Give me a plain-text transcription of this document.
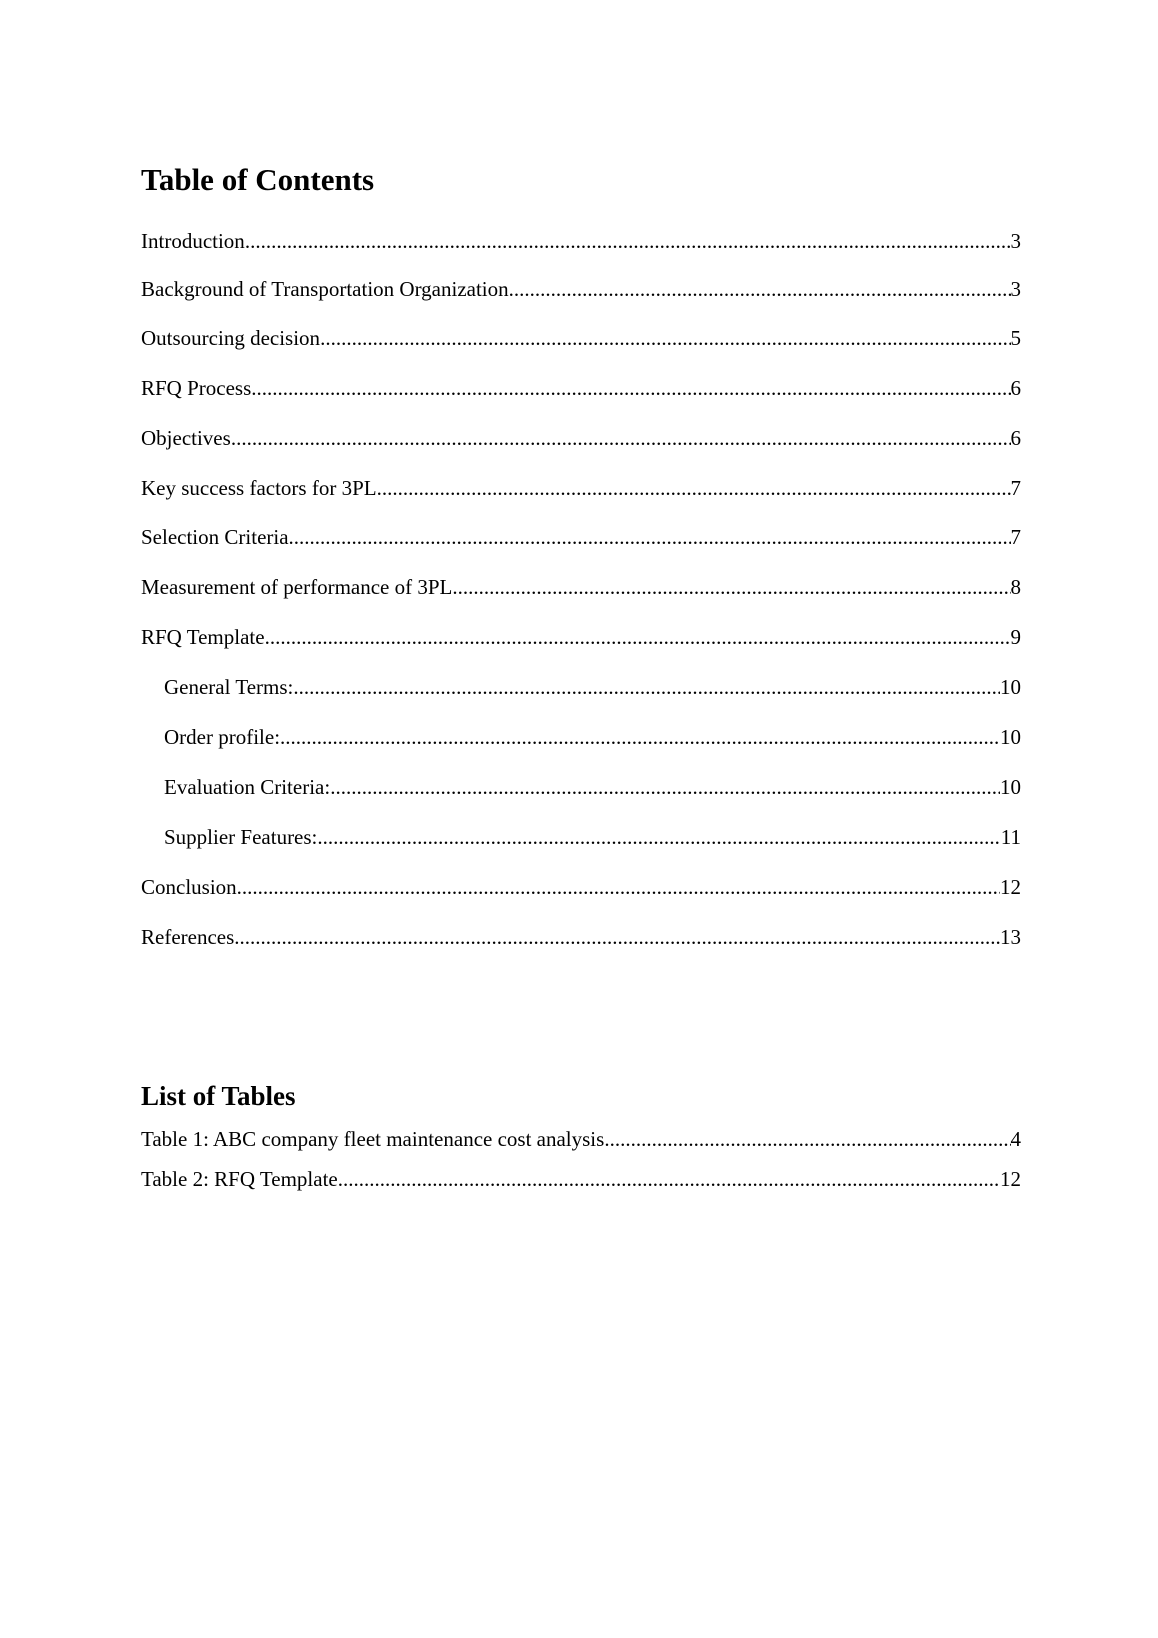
Table of Contents
Introduction .....	3
Background of Transportation Organization .....	3
Outsourcing decision .....	5
RFQ Process .....	6
Objectives .....	6
Key success factors for 3PL .....	7
Selection Criteria .....	7
Measurement of performance of 3PL .....	8
RFQ Template .....	9
General Terms: .....	10
Order profile: .....	10
Evaluation Criteria: .....	10
Supplier Features: .....	11
Conclusion .....	12
References .....	13
List of Tables
Table 1: ABC company fleet maintenance cost analysis .....	4
Table 2: RFQ Template .....	12
